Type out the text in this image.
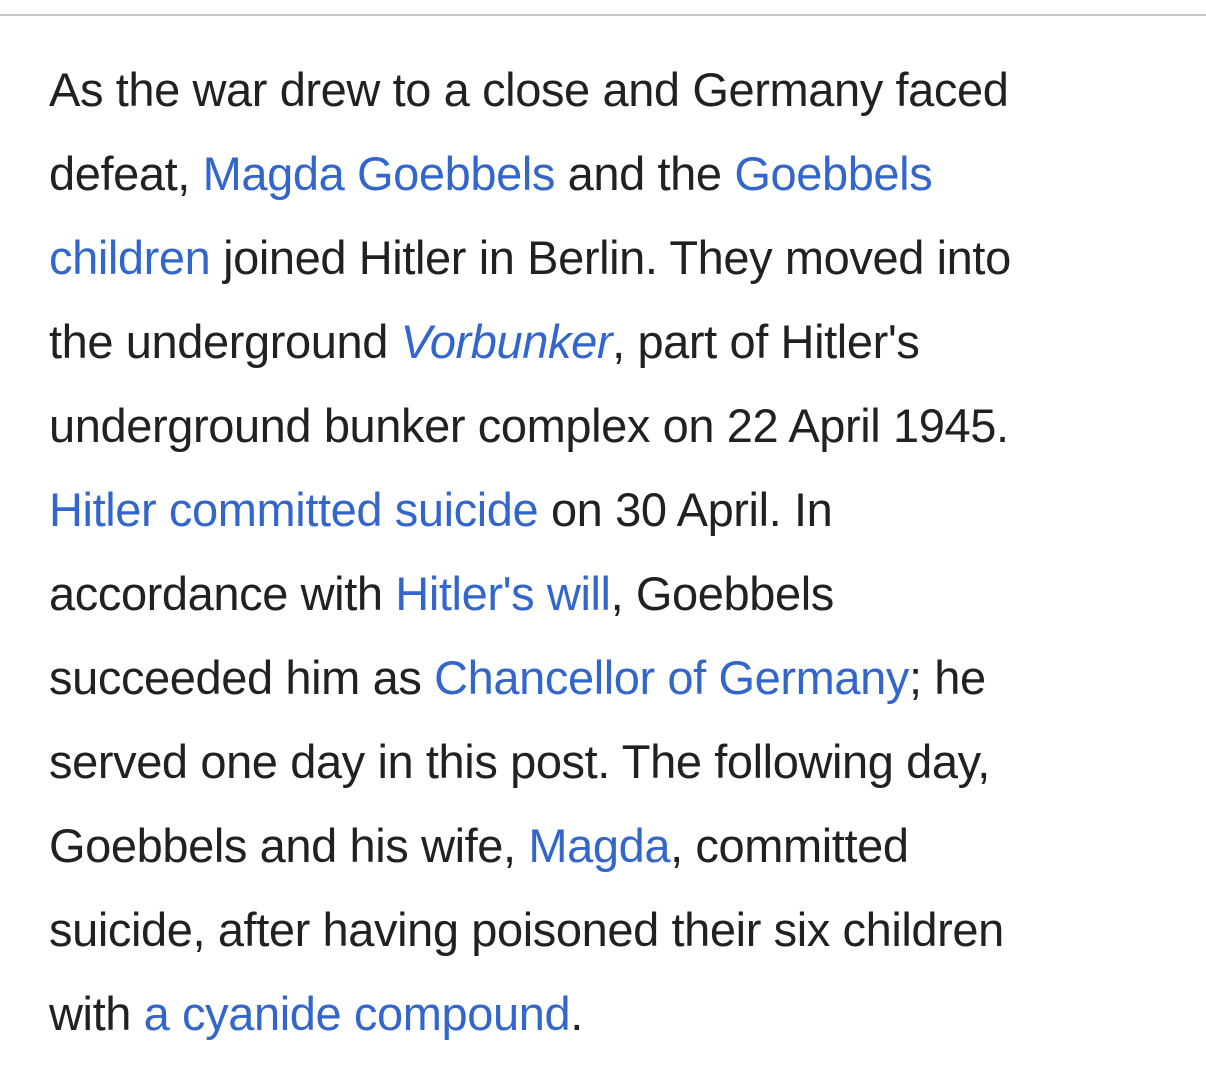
As the war drew to a close and Germany faced
defeat, Magda Goebbels and the Goebbels
children joined Hitler in Berlin. They moved into
the underground Vorbunker, part of Hitler's
underground bunker complex on 22 April 1945.
Hitler committed suicide on 30 April. In
accordance with Hitler's will, Goebbels
succeeded him as Chancellor of Germany; he
served one day in this post. The following day,
Goebbels and his wife, Magda, committed
suicide, after having poisoned their six children
with a cyanide compound.
